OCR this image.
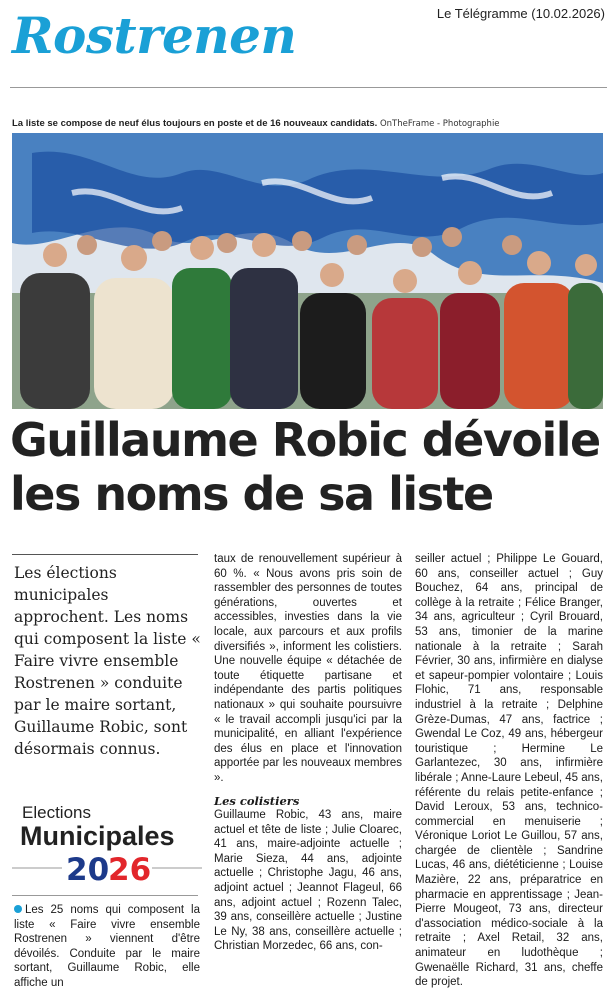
Rostrenen	Le Télégramme (10.02.2026)
La liste se compose de neuf élus toujours en poste et de 16 nouveaux candidats. OnTheFrame - Photographie
Guillaume Robic dévoile les noms de sa liste
Les élections municipales approchent. Les noms qui composent la liste « Faire vivre ensemble Rostrenen » conduite par le maire sortant, Guillaume Robic, sont désormais connus.
Elections
Municipales
20
26
Les 25 noms qui composent la liste « Faire vivre ensemble Rostrenen » viennent d'être dévoilés. Conduite par le maire sortant, Guillaume Robic, elle affiche un

taux de renouvellement supérieur à 60 %. « Nous avons pris soin de rassembler des personnes de toutes générations, ouvertes et accessibles, investies dans la vie locale, aux parcours et aux profils diversifiés », informent les colistiers. Une nouvelle équipe « détachée de toute étiquette partisane et indépendante des partis politiques nationaux » qui souhaite poursuivre « le travail accompli jusqu'ici par la municipalité, en alliant l'expérience des élus en place et l'innovation apportée par les nouveaux membres ».

Les colistiers

Guillaume Robic, 43 ans, maire actuel et tête de liste ; Julie Cloarec, 41 ans, maire-adjointe actuelle ; Marie Sieza, 44 ans, adjointe actuelle ; Christophe Jagu, 46 ans, adjoint actuel ; Jeannot Flageul, 66 ans, adjoint actuel ; Rozenn Talec, 39 ans, conseillère actuelle ; Justine Le Ny, 38 ans, conseillère actuelle ; Christian Morzedec, 66 ans, con-

seiller actuel ; Philippe Le Gouard, 60 ans, conseiller actuel ; Guy Bouchez, 64 ans, principal de collège à la retraite ; Félice Branger, 34 ans, agriculteur ; Cyril Brouard, 53 ans, timonier de la marine nationale à la retraite ; Sarah Février, 30 ans, infirmière en dialyse et sapeur-pompier volontaire ; Louis Flohic, 71 ans, responsable industriel à la retraite ; Delphine Grèze-Dumas, 47 ans, factrice ; Gwendal Le Coz, 49 ans, hébergeur touristique ; Hermine Le Garlantezec, 30 ans, infirmière libérale ; Anne-Laure Lebeul, 45 ans, référente du relais petite-enfance ; David Leroux, 53 ans, technico-commercial en menuiserie ; Véronique Loriot Le Guillou, 57 ans, chargée de clientèle ; Sandrine Lucas, 46 ans, diététicienne ; Louise Mazière, 22 ans, préparatrice en pharmacie en apprentissage ; Jean-Pierre Mougeot, 73 ans, directeur d'association médico-sociale à la retraite ; Axel Retail, 32 ans, animateur en ludothèque ; Gwenaëlle Richard, 31 ans, cheffe de projet.
